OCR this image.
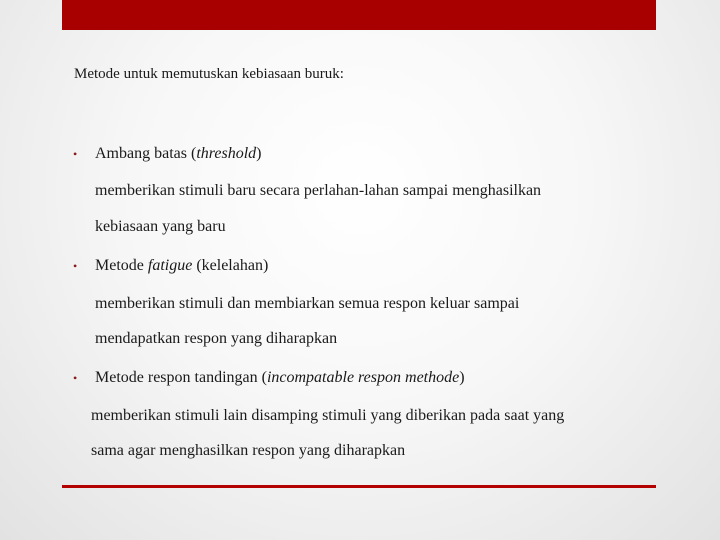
Metode untuk memutuskan kebiasaan buruk:
• Ambang batas (threshold)
memberikan stimuli baru secara perlahan-lahan sampai menghasilkan
kebiasaan yang baru
• Metode fatigue (kelelahan)
memberikan stimuli dan membiarkan semua respon keluar sampai
mendapatkan respon yang diharapkan
• Metode respon tandingan (incompatable respon methode)
memberikan stimuli lain disamping stimuli yang diberikan pada saat yang
sama agar menghasilkan respon yang diharapkan
